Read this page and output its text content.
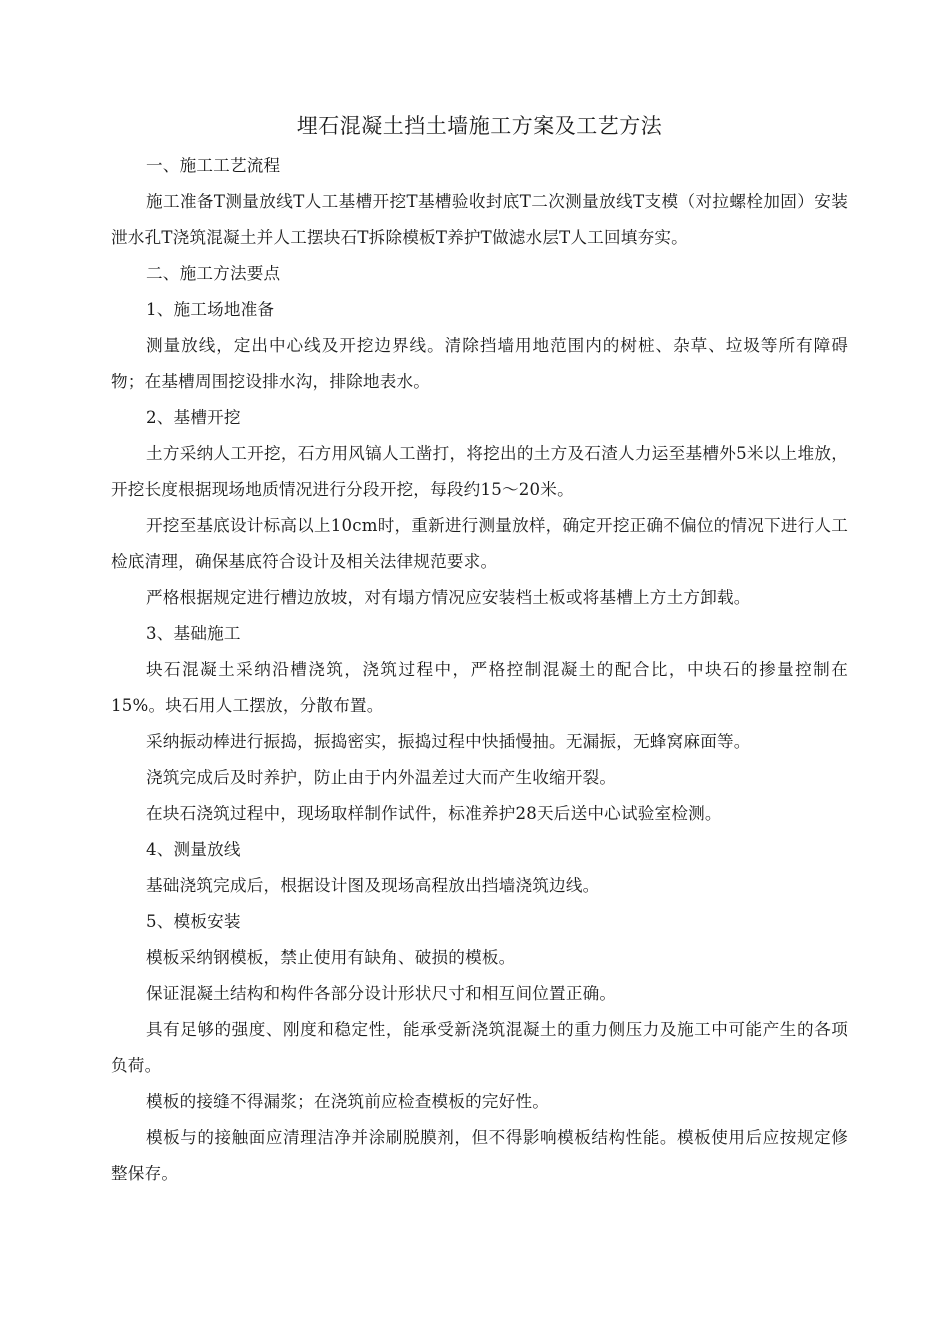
埋石混凝土挡土墙施工方案及工艺方法

一、施工工艺流程

施工准备T测量放线T人工基槽开挖T基槽验收封底T二次测量放线T支模（对拉螺栓加固）安装泄水孔T浇筑混凝土并人工摆块石T拆除模板T养护T做滤水层T人工回填夯实。

二、施工方法要点

1、施工场地准备

测量放线，定出中心线及开挖边界线。清除挡墙用地范围内的树桩、杂草、垃圾等所有障碍物；在基槽周围挖设排水沟，排除地表水。

2、基槽开挖

土方采纳人工开挖，石方用风镐人工凿打，将挖出的土方及石渣人力运至基槽外5米以上堆放，开挖长度根据现场地质情况进行分段开挖，每段约15〜20米。

开挖至基底设计标高以上10cm时，重新进行测量放样，确定开挖正确不偏位的情况下进行人工检底清理，确保基底符合设计及相关法律规范要求。

严格根据规定进行槽边放坡，对有塌方情况应安装档土板或将基槽上方土方卸载。

3、基础施工

块石混凝土采纳沿槽浇筑，浇筑过程中，严格控制混凝土的配合比，中块石的掺量控制在15%。块石用人工摆放，分散布置。

采纳振动棒进行振捣，振捣密实，振捣过程中快插慢抽。无漏振，无蜂窝麻面等。

浇筑完成后及时养护，防止由于内外温差过大而产生收缩开裂。

在块石浇筑过程中，现场取样制作试件，标准养护28天后送中心试验室检测。

4、测量放线

基础浇筑完成后，根据设计图及现场高程放出挡墙浇筑边线。

5、模板安装

模板采纳钢模板，禁止使用有缺角、破损的模板。

保证混凝土结构和构件各部分设计形状尺寸和相互间位置正确。

具有足够的强度、刚度和稳定性，能承受新浇筑混凝土的重力侧压力及施工中可能产生的各项负荷。

模板的接缝不得漏浆；在浇筑前应检查模板的完好性。

模板与的接触面应清理洁净并涂刷脱膜剂，但不得影响模板结构性能。模板使用后应按规定修整保存。
